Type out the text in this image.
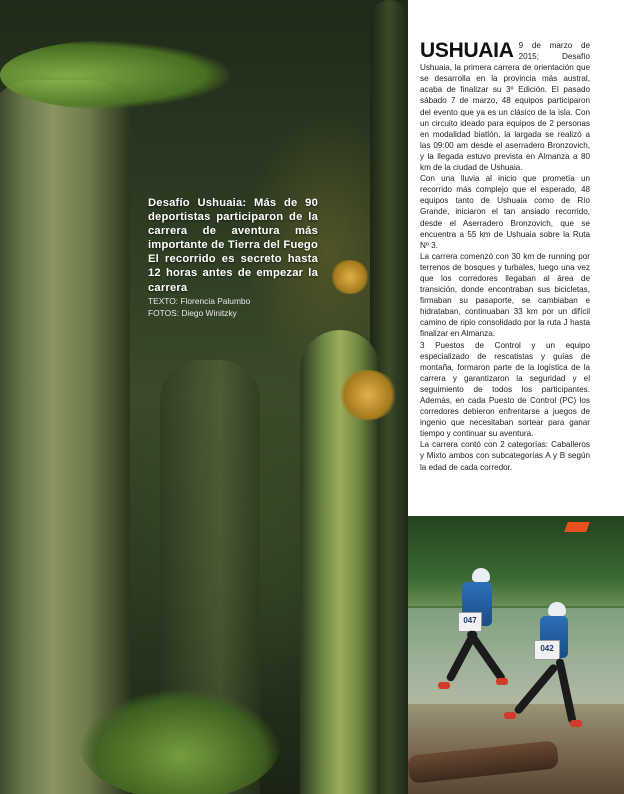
Desafío Ushuaia: Más de 90 deportistas participaron de la carrera de aventura más importante de Tierra del Fuego El recorrido es secreto hasta 12 horas antes de empezar la carrera

TEXTO: Florencia Palumbo
FOTOS: Diego Winitzky
USHUAIA 9 de marzo de 2015; Desafío Ushuaia, la primera carrera de orientación que se desarrolla en la provincia más austral, acaba de finalizar su 3º Edición. El pasado sábado 7 de marzo, 48 equipos participaron del evento que ya es un clásico de la isla. Con un circuito ideado para equipos de 2 personas en modalidad biatlón, la largada se realizó a las 09:00 am desde el aserradero Bronzovich, y la llegada estuvo prevista en Almanza a 80 km de la ciudad de Ushuaia.

Con una lluvia al inicio que prometía un recorrido más complejo que el esperado, 48 equipos tanto de Ushuaia como de Río Grande, iniciaron el tan ansiado recorrido, desde el Aserradero Bronzovich, que se encuentra a 55 km de Ushuaia sobre la Ruta Nº 3.

La carrera comenzó con 30 km de running por terrenos de bosques y turbales, luego una vez que los corredores llegaban al área de transición, donde encontraban sus bicicletas, firmaban su pasaporte, se cambiaban e hidrataban, continuaban 33 km por un difícil camino de ripio consolidado por la ruta J hasta finalizar en Almanza.

3 Puestos de Control y un equipo especializado de rescatistas y guías de montaña, formaron parte de la logística de la carrera y garantizaron la seguridad y el seguimiento de todos los participantes. Además, en cada Puesto de Control (PC) los corredores debieron enfrentarse a juegos de ingenio que necesitaban sortear para ganar tiempo y continuar su aventura.

La carrera contó con 2 categorías: Caballeros y Mixto ambos con subcategorías A y B según la edad de cada corredor.

047
042
